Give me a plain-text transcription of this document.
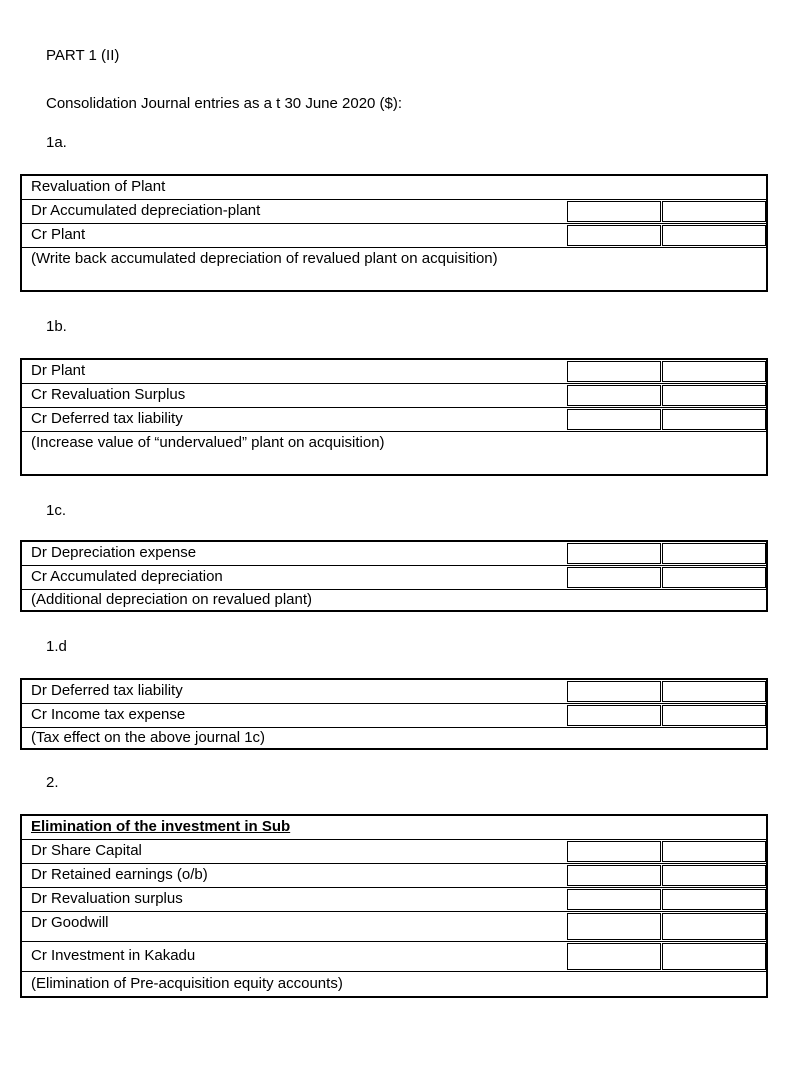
PART 1 (II)
Consolidation Journal entries as a t 30 June 2020 ($):
1a.
Revaluation of Plant
Dr Accumulated depreciation-plant
Cr Plant
(Write back accumulated depreciation of revalued plant on acquisition)
1b.
Dr Plant
Cr Revaluation Surplus
Cr Deferred tax liability
(Increase value of “undervalued” plant on acquisition)
1c.
Dr Depreciation expense
Cr Accumulated depreciation
(Additional depreciation on revalued plant)
1.d
Dr Deferred tax liability
Cr Income tax expense
(Tax effect on the above journal 1c)
2.
Elimination of the investment in Sub
Dr Share Capital
Dr Retained earnings (o/b)
Dr Revaluation surplus
Dr Goodwill
Cr Investment in Kakadu
(Elimination of Pre-acquisition equity accounts)
